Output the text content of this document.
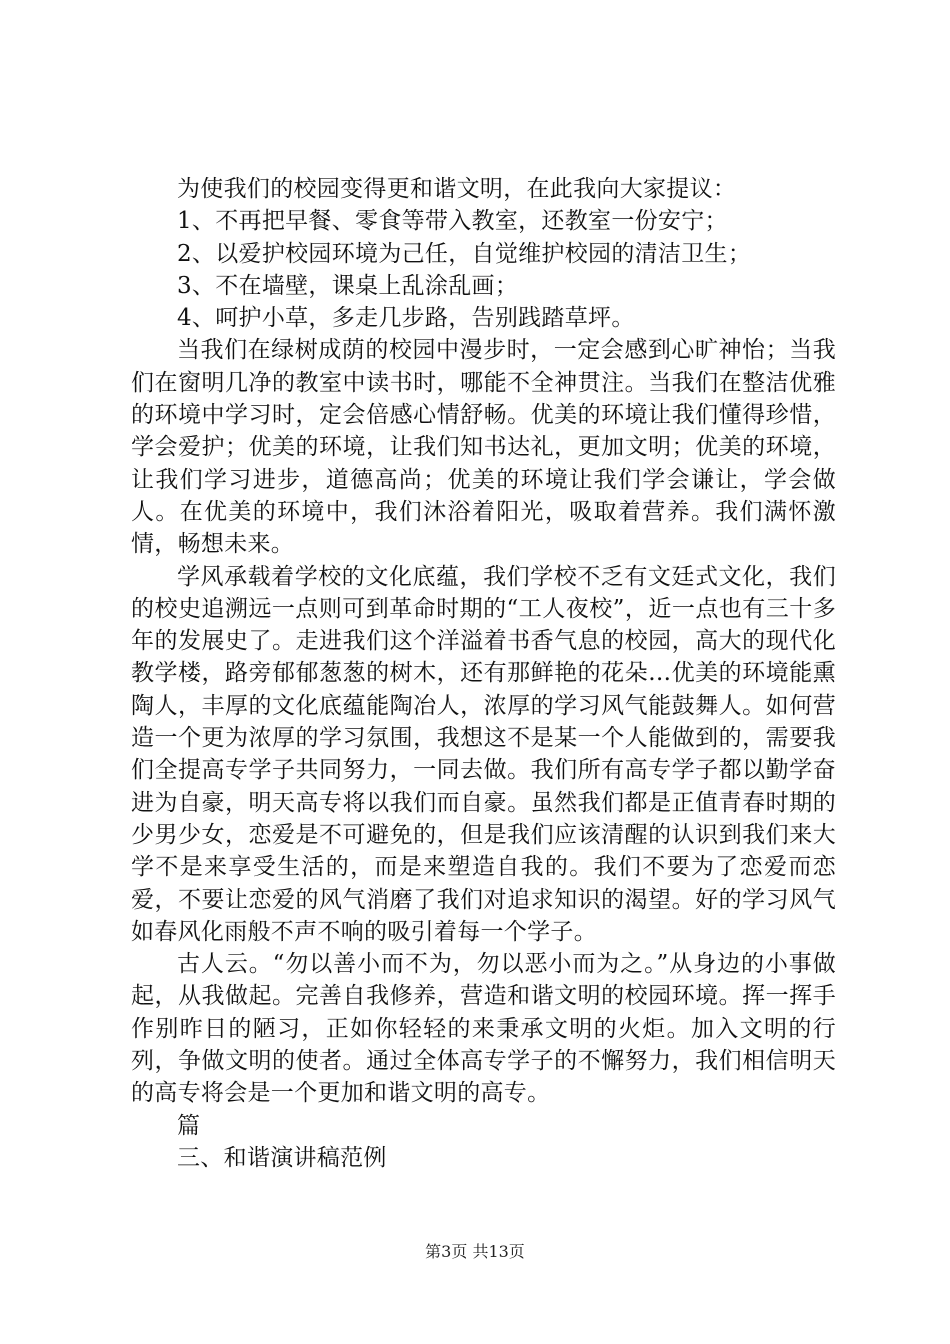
为使我们的校园变得更和谐文明，在此我向大家提议：

1、不再把早餐、零食等带入教室，还教室一份安宁；

2、以爱护校园环境为己任，自觉维护校园的清洁卫生；

3、不在墙壁，课桌上乱涂乱画；

4、呵护小草，多走几步路，告别践踏草坪。

当我们在绿树成荫的校园中漫步时，一定会感到心旷神怡；当我们在窗明几净的教室中读书时，哪能不全神贯注。当我们在整洁优雅的环境中学习时，定会倍感心情舒畅。优美的环境让我们懂得珍惜，学会爱护；优美的环境，让我们知书达礼，更加文明；优美的环境，让我们学习进步，道德高尚；优美的环境让我们学会谦让，学会做人。在优美的环境中，我们沐浴着阳光，吸取着营养。我们满怀激情，畅想未来。

学风承载着学校的文化底蕴，我们学校不乏有文廷式文化，我们的校史追溯远一点则可到革命时期的“工人夜校”，近一点也有三十多年的发展史了。走进我们这个洋溢着书香气息的校园，高大的现代化教学楼，路旁郁郁葱葱的树木，还有那鲜艳的花朵…优美的环境能熏陶人，丰厚的文化底蕴能陶冶人，浓厚的学习风气能鼓舞人。如何营造一个更为浓厚的学习氛围，我想这不是某一个人能做到的，需要我们全提高专学子共同努力，一同去做。我们所有高专学子都以勤学奋进为自豪，明天高专将以我们而自豪。虽然我们都是正值青春时期的少男少女，恋爱是不可避免的，但是我们应该清醒的认识到我们来大学不是来享受生活的，而是来塑造自我的。我们不要为了恋爱而恋爱，不要让恋爱的风气消磨了我们对追求知识的渴望。好的学习风气如春风化雨般不声不响的吸引着每一个学子。

古人云。“勿以善小而不为，勿以恶小而为之。”从身边的小事做起，从我做起。完善自我修养，营造和谐文明的校园环境。挥一挥手作别昨日的陋习，正如你轻轻的来秉承文明的火炬。加入文明的行列，争做文明的使者。通过全体高专学子的不懈努力，我们相信明天的高专将会是一个更加和谐文明的高专。

篇

三、和谐演讲稿范例

第3页 共13页
